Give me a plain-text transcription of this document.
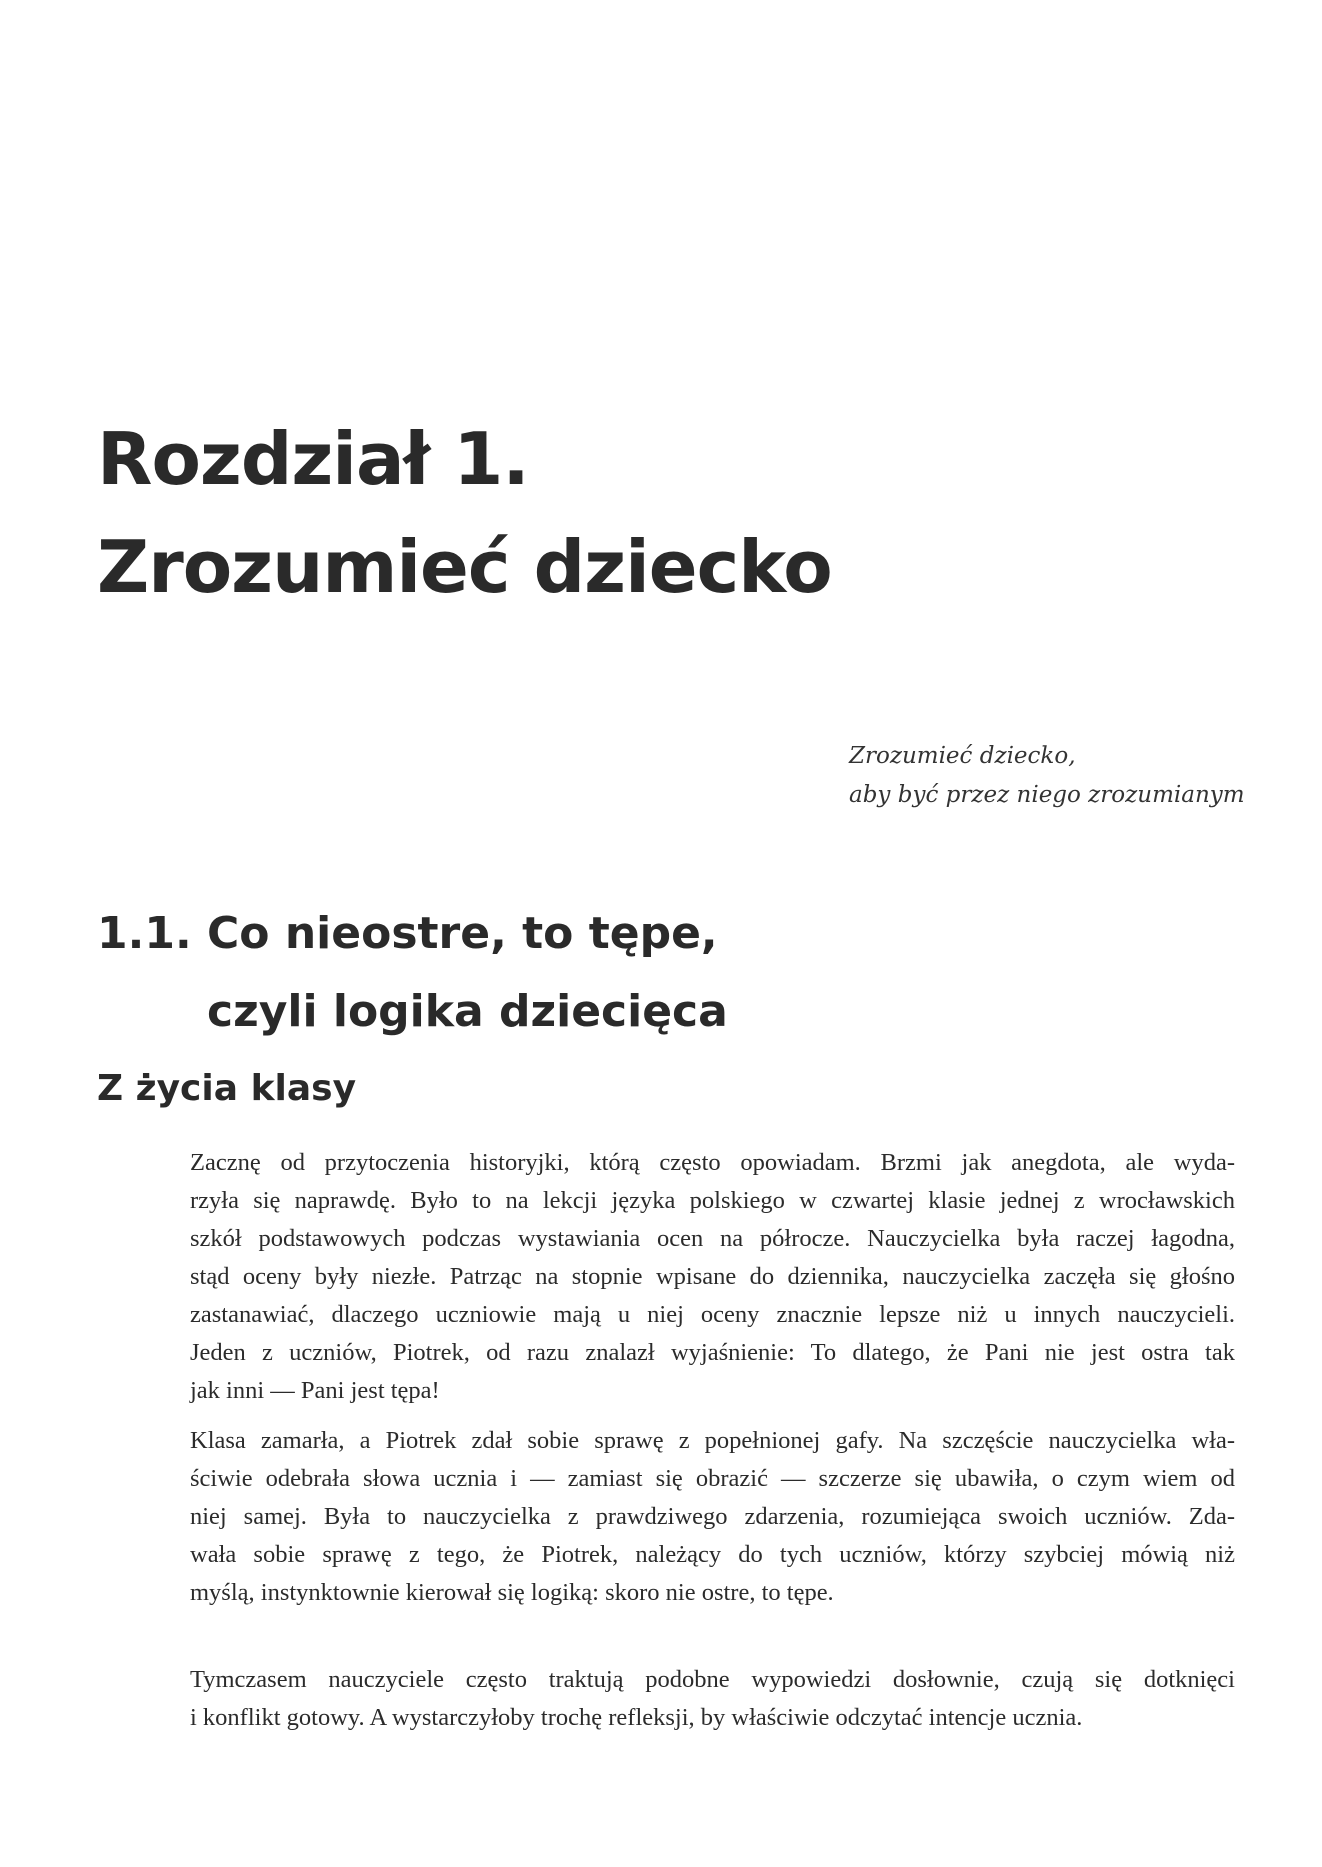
Rozdział 1.
Zrozumieć dziecko
Zrozumieć dziecko,
aby być przez niego zrozumianym
1.1. Co nieostre, to tępe,
czyli logika dziecięca
Z życia klasy
Zacznę od przytoczenia historyjki, którą często opowiadam. Brzmi jak anegdota, ale wyda-
rzyła się naprawdę. Było to na lekcji języka polskiego w czwartej klasie jednej z wrocławskich
szkół podstawowych podczas wystawiania ocen na półrocze. Nauczycielka była raczej łagodna,
stąd oceny były niezłe. Patrząc na stopnie wpisane do dziennika, nauczycielka zaczęła się głośno
zastanawiać, dlaczego uczniowie mają u niej oceny znacznie lepsze niż u innych nauczycieli.
Jeden z uczniów, Piotrek, od razu znalazł wyjaśnienie: To dlatego, że Pani nie jest ostra tak
jak inni — Pani jest tępa!
Klasa zamarła, a Piotrek zdał sobie sprawę z popełnionej gafy. Na szczęście nauczycielka wła-
ściwie odebrała słowa ucznia i — zamiast się obrazić — szczerze się ubawiła, o czym wiem od
niej samej. Była to nauczycielka z prawdziwego zdarzenia, rozumiejąca swoich uczniów. Zda-
wała sobie sprawę z tego, że Piotrek, należący do tych uczniów, którzy szybciej mówią niż
myślą, instynktownie kierował się logiką: skoro nie ostre, to tępe.
Tymczasem nauczyciele często traktują podobne wypowiedzi dosłownie, czują się dotknięci
i konflikt gotowy. A wystarczyłoby trochę refleksji, by właściwie odczytać intencje ucznia.
